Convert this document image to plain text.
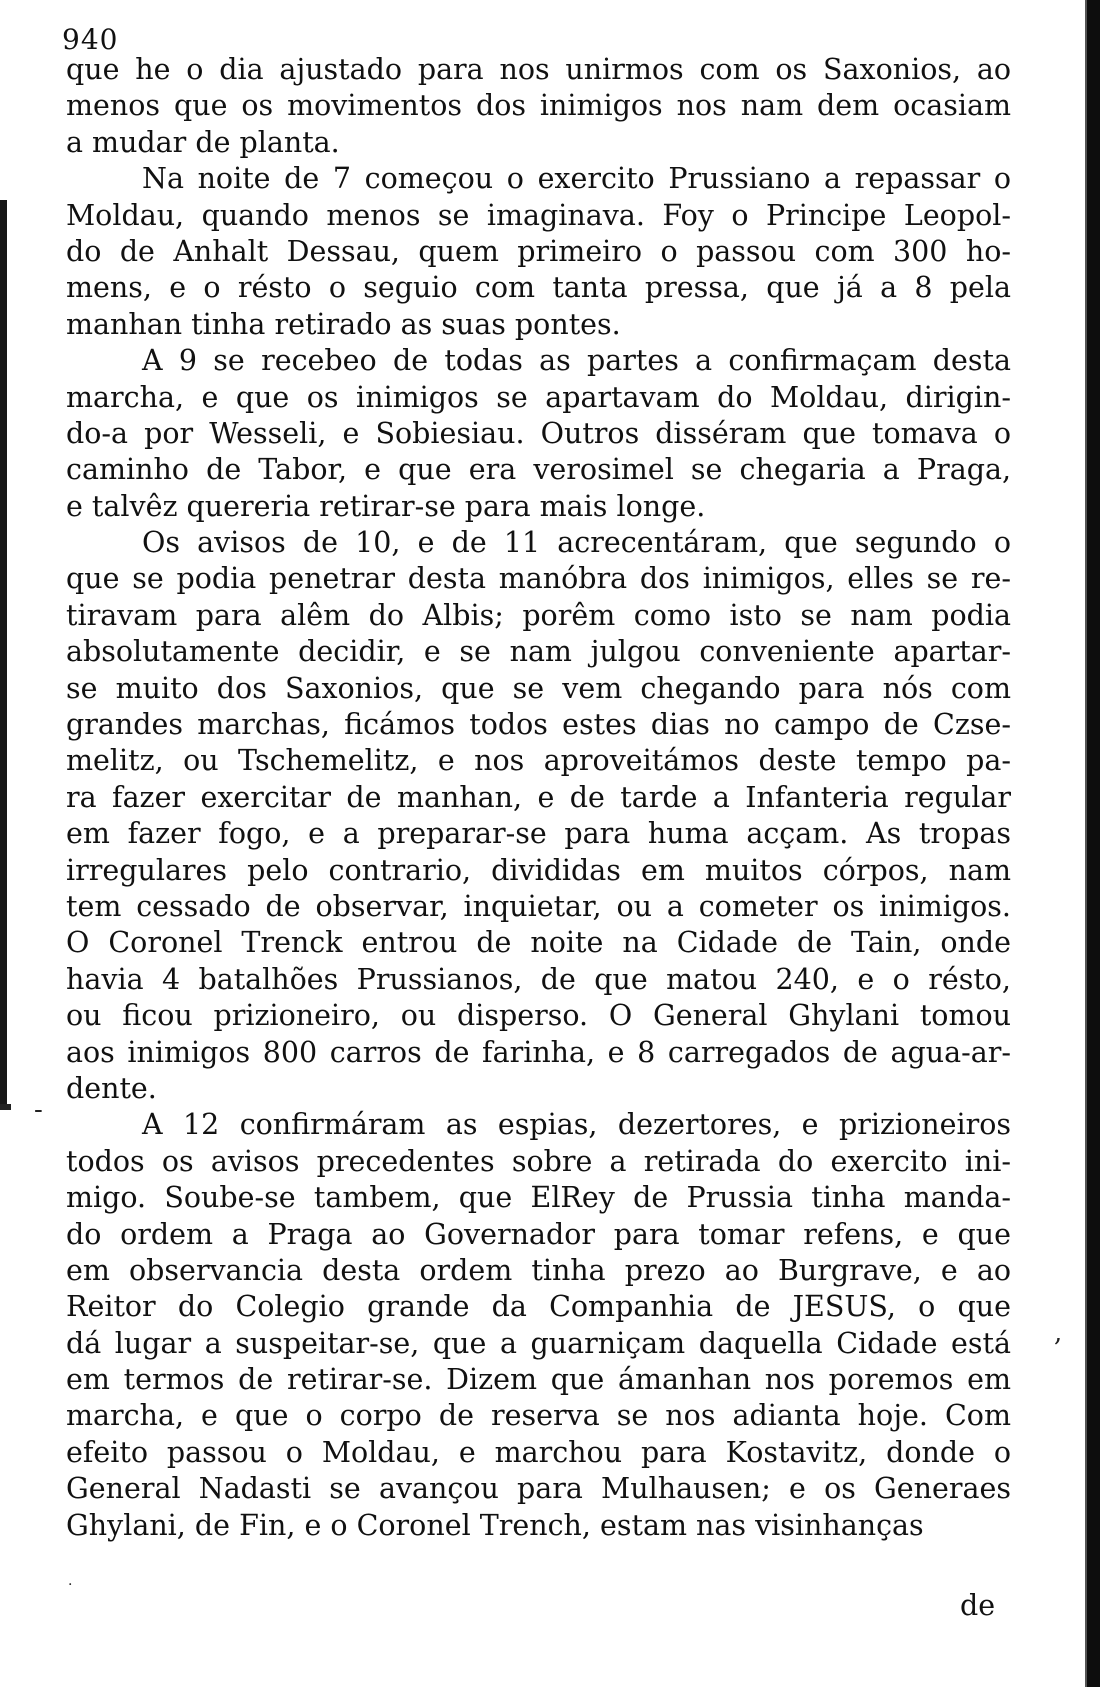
940
que he o dia ajustado para nos unirmos com os Saxonios, ao
menos que os movimentos dos inimigos nos nam dem ocasiam
a mudar de planta.
Na noite de 7 começou o exercito Prussiano a repassar o
Moldau, quando menos se imaginava. Foy o Principe Leopol-
do de Anhalt Dessau, quem primeiro o passou com 300 ho-
mens, e o résto o seguio com tanta pressa, que já a 8 pela
manhan tinha retirado as suas pontes.
A 9 se recebeo de todas as partes a confirmaçam desta
marcha, e que os inimigos se apartavam do Moldau, dirigin-
do-a por Wesseli, e Sobiesiau. Outros disséram que tomava o
caminho de Tabor, e que era verosimel se chegaria a Praga,
e talvêz quereria retirar-se para mais longe.
Os avisos de 10, e de 11 acrecentáram, que segundo o
que se podia penetrar desta manóbra dos inimigos, elles se re-
tiravam para alêm do Albis; porêm como isto se nam podia
absolutamente decidir, e se nam julgou conveniente apartar-
se muito dos Saxonios, que se vem chegando para nós com
grandes marchas, ficámos todos estes dias no campo de Czse-
melitz, ou Tschemelitz, e nos aproveitámos deste tempo pa-
ra fazer exercitar de manhan, e de tarde a Infanteria regular
em fazer fogo, e a preparar-se para huma acçam. As tropas
irregulares pelo contrario, divididas em muitos córpos, nam
tem cessado de observar, inquietar, ou a cometer os inimigos.
O Coronel Trenck entrou de noite na Cidade de Tain, onde
havia 4 batalhões Prussianos, de que matou 240, e o résto,
ou ficou prizioneiro, ou disperso. O General Ghylani tomou
aos inimigos 800 carros de farinha, e 8 carregados de agua-ar-
dente.
A 12 confirmáram as espias, dezertores, e prizioneiros
todos os avisos precedentes sobre a retirada do exercito ini-
migo. Soube-se tambem, que ElRey de Prussia tinha manda-
do ordem a Praga ao Governador para tomar refens, e que
em observancia desta ordem tinha prezo ao Burgrave, e ao
Reitor do Colegio grande da Companhia de JESUS, o que
dá lugar a suspeitar-se, que a guarniçam daquella Cidade está
em termos de retirar-se. Dizem que ámanhan nos poremos em
marcha, e que o corpo de reserva se nos adianta hoje. Com
efeito passou o Moldau, e marchou para Kostavitz, donde o
General Nadasti se avançou para Mulhausen; e os Generaes
Ghylani, de Fin, e o Coronel Trench, estam nas visinhanças
-
,
·
de
